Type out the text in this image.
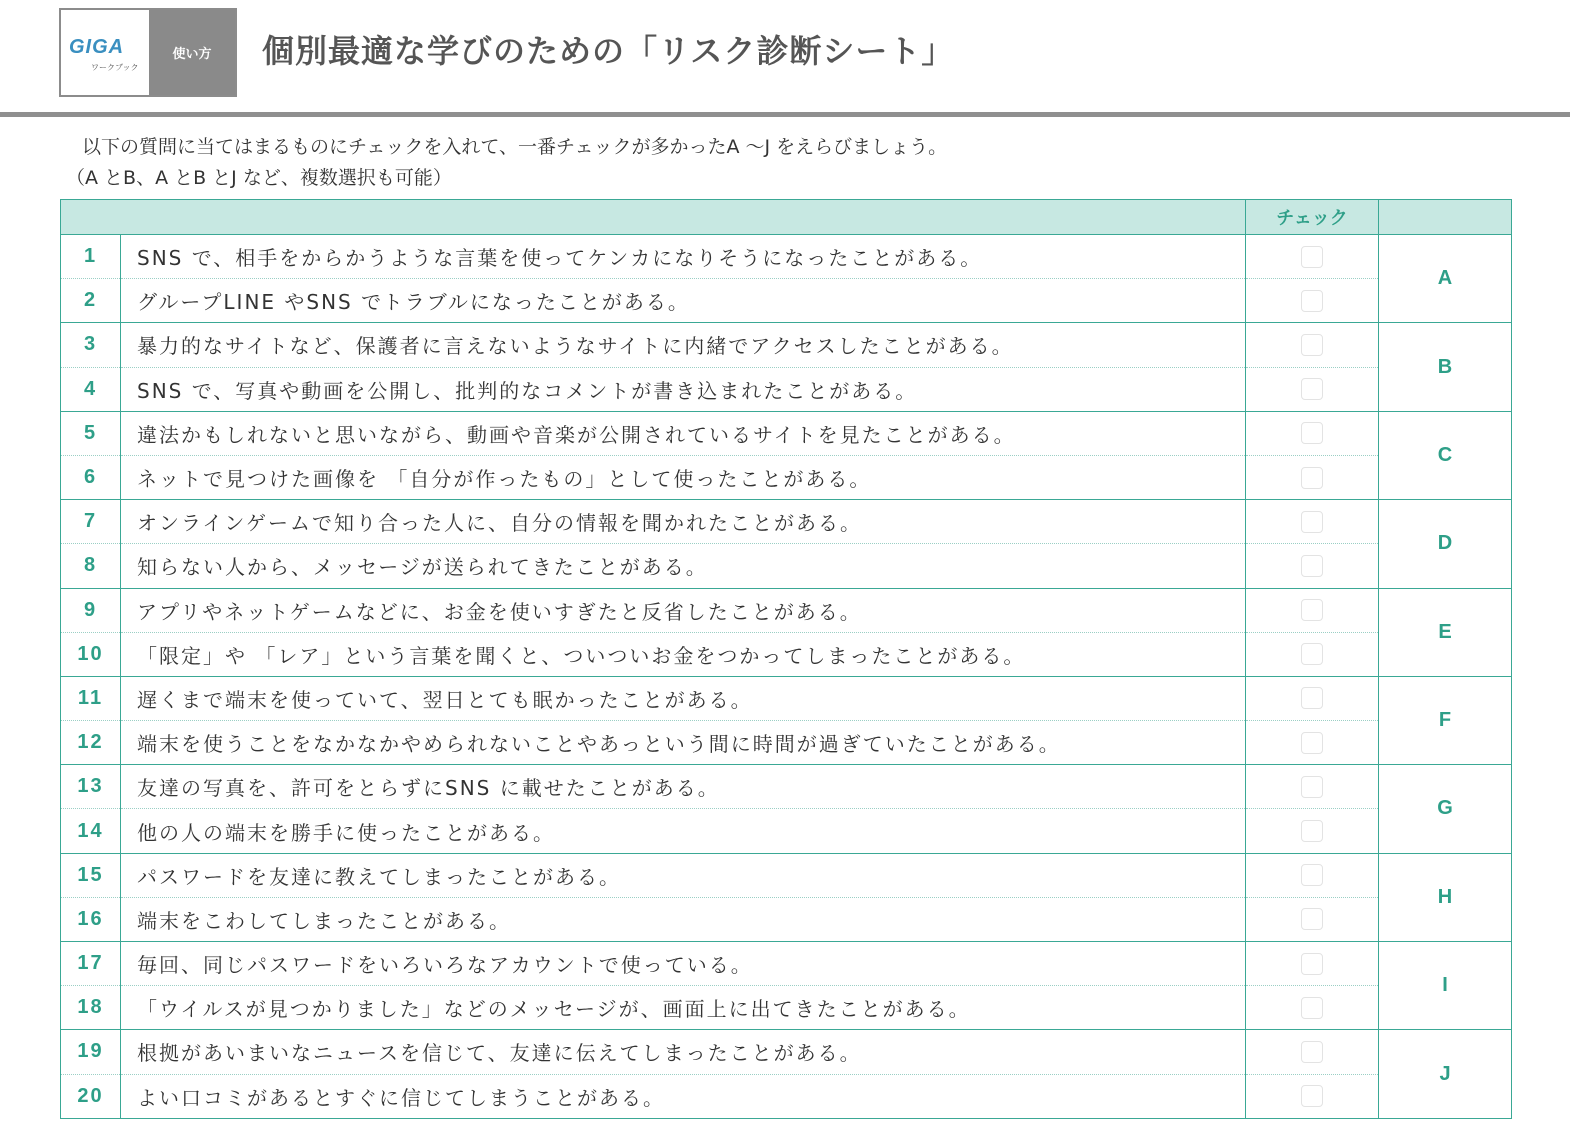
GIGA
ワークブック
使い方	個別最適な学びのための「リスク診断シート」
以下の質問に当てはまるものにチェックを入れて、一番チェックが多かったA ～J をえらびましょう。
（A とB、A とB とJ など、複数選択も可能）
		チェック	
1	SNS で、相手をからかうような言葉を使ってケンカになりそうになったことがある。		A
2	グループLINE やSNS でトラブルになったことがある。		
3	暴力的なサイトなど、保護者に言えないようなサイトに内緒でアクセスしたことがある。		B
4	SNS で、写真や動画を公開し、批判的なコメントが書き込まれたことがある。		
5	違法かもしれないと思いながら、動画や音楽が公開されているサイトを見たことがある。		C
6	ネットで見つけた画像を 「自分が作ったもの」として使ったことがある。		
7	オンラインゲームで知り合った人に、自分の情報を聞かれたことがある。		D
8	知らない人から、メッセージが送られてきたことがある。		
9	アプリやネットゲームなどに、お金を使いすぎたと反省したことがある。		E
10	「限定」や 「レア」という言葉を聞くと、ついついお金をつかってしまったことがある。		
11	遅くまで端末を使っていて、翌日とても眠かったことがある。		F
12	端末を使うことをなかなかやめられないことやあっという間に時間が過ぎていたことがある。		
13	友達の写真を、許可をとらずにSNS に載せたことがある。		G
14	他の人の端末を勝手に使ったことがある。		
15	パスワードを友達に教えてしまったことがある。		H
16	端末をこわしてしまったことがある。		
17	毎回、同じパスワードをいろいろなアカウントで使っている。		I
18	「ウイルスが見つかりました」などのメッセージが、画面上に出てきたことがある。		
19	根拠があいまいなニュースを信じて、友達に伝えてしまったことがある。		J
20	よい口コミがあるとすぐに信じてしまうことがある。		
